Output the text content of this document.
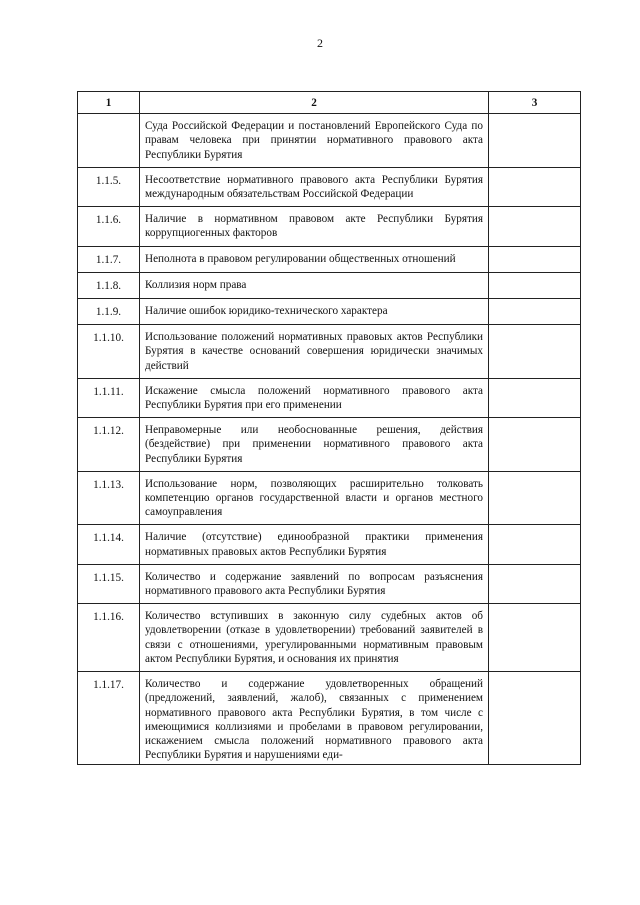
2
1	2	3
	Суда Российской Федерации и постановлений Европейского Суда по правам человека при принятии нормативного правового акта Республики Бурятия	
1.1.5.	Несоответствие нормативного правового акта Республики Бурятия международным обязательствам Российской Федерации	
1.1.6.	Наличие в нормативном правовом акте Республики Бурятия коррупциогенных факторов	
1.1.7.	Неполнота в правовом регулировании общественных отношений	
1.1.8.	Коллизия норм права	
1.1.9.	Наличие ошибок юридико-технического характера	
1.1.10.	Использование положений нормативных правовых актов Республики Бурятия в качестве оснований совершения юридически значимых действий	
1.1.11.	Искажение смысла положений нормативного правового акта Республики Бурятия при его применении	
1.1.12.	Неправомерные или необоснованные решения, действия (бездействие) при применении нормативного правового акта Республики Бурятия	
1.1.13.	Использование норм, позволяющих расширительно толковать компетенцию органов государственной власти и органов местного самоуправления	
1.1.14.	Наличие (отсутствие) единообразной практики применения нормативных правовых актов Республики Бурятия	
1.1.15.	Количество и содержание заявлений по вопросам разъяснения нормативного правового акта Республики Бурятия	
1.1.16.	Количество вступивших в законную силу судебных актов об удовлетворении (отказе в удовлетворении) требований заявителей в связи с отношениями, урегулированными нормативным правовым актом Республики Бурятия, и основания их принятия	
1.1.17.	Количество и содержание удовлетворенных обращений (предложений, заявлений, жалоб), связанных с применением нормативного правового акта Республики Бурятия, в том числе с имеющимися коллизиями и пробелами в правовом регулировании, искажением смысла положений нормативного правового акта Республики Бурятия и нарушениями еди-	
